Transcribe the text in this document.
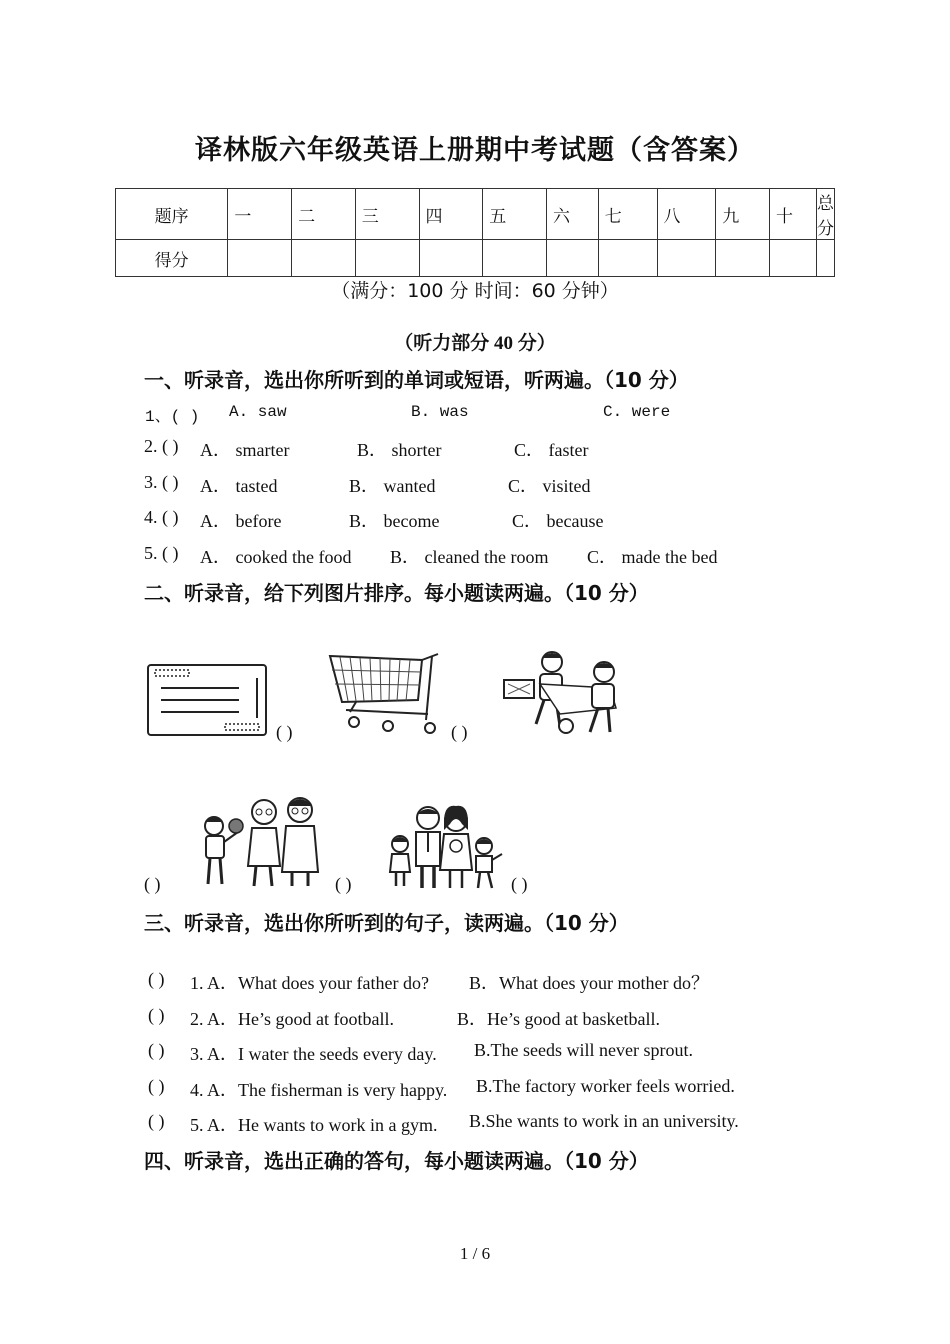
译林版六年级英语上册期中考试题（含答案）
题序	一	二	三	四	五	六	七	八	九	十	总分
得分											
（满分：100 分 时间：60 分钟）
（听力部分 40 分）
一、听录音，选出你所听到的单词或短语，听两遍。（10 分）
1、( ) A. saw	B. was	C. were
2. ( ) A． smarter	B． shorter	C． faster
3. ( ) A． tasted	B． wanted	C． visited
4. ( ) A． before	B． become	C． because
5. ( ) A． cooked the food B． cleaned the room C． made the bed
二、听录音，给下列图片排序。每小题读两遍。（10 分）
( )	( )
( )	( )	( )
三、听录音，选出你所听到的句子，读两遍。（10 分）
( ) 1. A．What does your father do? B．What does your mother do？
( ) 2. A．He’s good at football.	B．He’s good at basketball.
( ) 3. A．I water the seeds every day. B.The seeds will never sprout.
( ) 4. A．The fisherman is very happy. B.The factory worker feels worried.
( ) 5. A．He wants to work in a gym. B.She wants to work in an university.
四、听录音，选出正确的答句，每小题读两遍。（10 分）
1 / 6
